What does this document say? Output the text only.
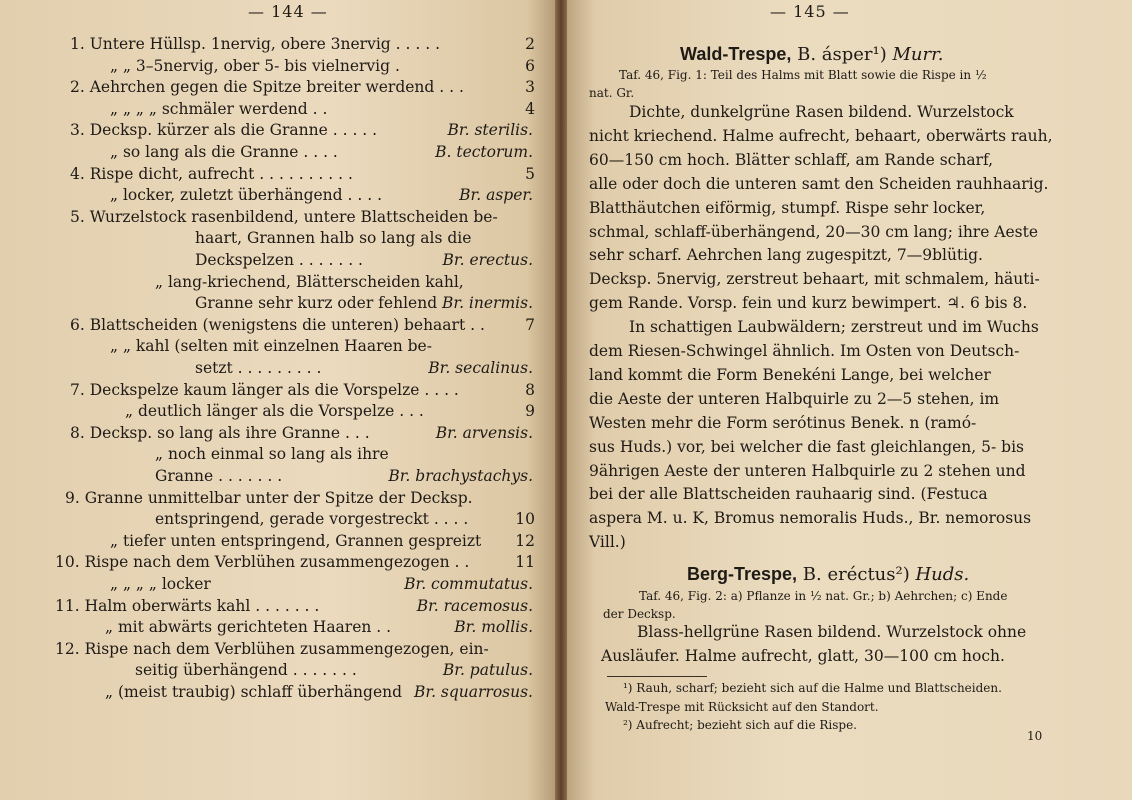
— 144 —
1. Untere Hüllsp. 1nervig, obere 3nervig . . . . .	2
„ „ 3–5nervig, ober 5- bis vielnervig .	6
2. Aehrchen gegen die Spitze breiter werdend . . .	3
„ „ „ „ schmäler werdend . .	4
3. Decksp. kürzer als die Granne . . . . .	Br. sterilis.
„ so lang als die Granne . . . .	B. tectorum.
4. Rispe dicht, aufrecht . . . . . . . . . .	5
„ locker, zuletzt überhängend . . . .	Br. asper.
5. Wurzelstock rasenbildend, untere Blattscheiden be-
haart, Grannen halb so lang als die
Deckspelzen . . . . . . .	Br. erectus.
„ lang-kriechend, Blätterscheiden kahl,
Granne sehr kurz oder fehlend Br. inermis.
6. Blattscheiden (wenigstens die unteren) behaart . .	7
„ „ kahl (selten mit einzelnen Haaren be-
setzt . . . . . . . . .	Br. secalinus.
7. Deckspelze kaum länger als die Vorspelze . . . .	8
„ deutlich länger als die Vorspelze . . .	9
8. Decksp. so lang als ihre Granne . . .	Br. arvensis.
„ noch einmal so lang als ihre
Granne . . . . . . .	Br. brachystachys.
9. Granne unmittelbar unter der Spitze der Decksp.
entspringend, gerade vorgestreckt . . . .	10
„ tiefer unten entspringend, Grannen gespreizt 12
10. Rispe nach dem Verblühen zusammengezogen . .	11
„ „ „ „ locker	Br. commutatus.
11. Halm oberwärts kahl . . . . . . .	Br. racemosus.
„ mit abwärts gerichteten Haaren . .	Br. mollis.
12. Rispe nach dem Verblühen zusammengezogen, ein-
seitig überhängend . . . . . . .	Br. patulus.
„ (meist traubig) schlaff überhängend Br. squarrosus.
— 145 —
Wald-Trespe, B. ásper¹) Murr.
Taf. 46, Fig. 1: Teil des Halms mit Blatt sowie die Rispe in ½
nat. Gr.
Dichte, dunkelgrüne Rasen bildend. Wurzelstock
nicht kriechend. Halme aufrecht, behaart, oberwärts rauh,
60—150 cm hoch. Blätter schlaff, am Rande scharf,
alle oder doch die unteren samt den Scheiden rauhhaarig.
Blatthäutchen eiförmig, stumpf. Rispe sehr locker,
schmal, schlaff-überhängend, 20—30 cm lang; ihre Aeste
sehr scharf. Aehrchen lang zugespitzt, 7—9blütig.
Decksp. 5nervig, zerstreut behaart, mit schmalem, häuti-
gem Rande. Vorsp. fein und kurz bewimpert. ♃. 6 bis 8.
In schattigen Laubwäldern; zerstreut und im Wuchs
dem Riesen-Schwingel ähnlich. Im Osten von Deutsch-
land kommt die Form Benekéni Lange, bei welcher
die Aeste der unteren Halbquirle zu 2—5 stehen, im
Westen mehr die Form serótinus Benek. n (ramó-
sus Huds.) vor, bei welcher die fast gleichlangen, 5- bis
9ährigen Aeste der unteren Halbquirle zu 2 stehen und
bei der alle Blattscheiden rauhaarig sind. (Festuca
aspera M. u. K, Bromus nemoralis Huds., Br. nemorosus
Vill.)
Berg-Trespe, B. eréctus²) Huds.
Taf. 46, Fig. 2: a) Pflanze in ½ nat. Gr.; b) Aehrchen; c) Ende
der Decksp.
Blass-hellgrüne Rasen bildend. Wurzelstock ohne
Ausläufer. Halme aufrecht, glatt, 30—100 cm hoch.
¹) Rauh, scharf; bezieht sich auf die Halme und Blattscheiden.
Wald-Trespe mit Rücksicht auf den Standort.
²) Aufrecht; bezieht sich auf die Rispe.
10
